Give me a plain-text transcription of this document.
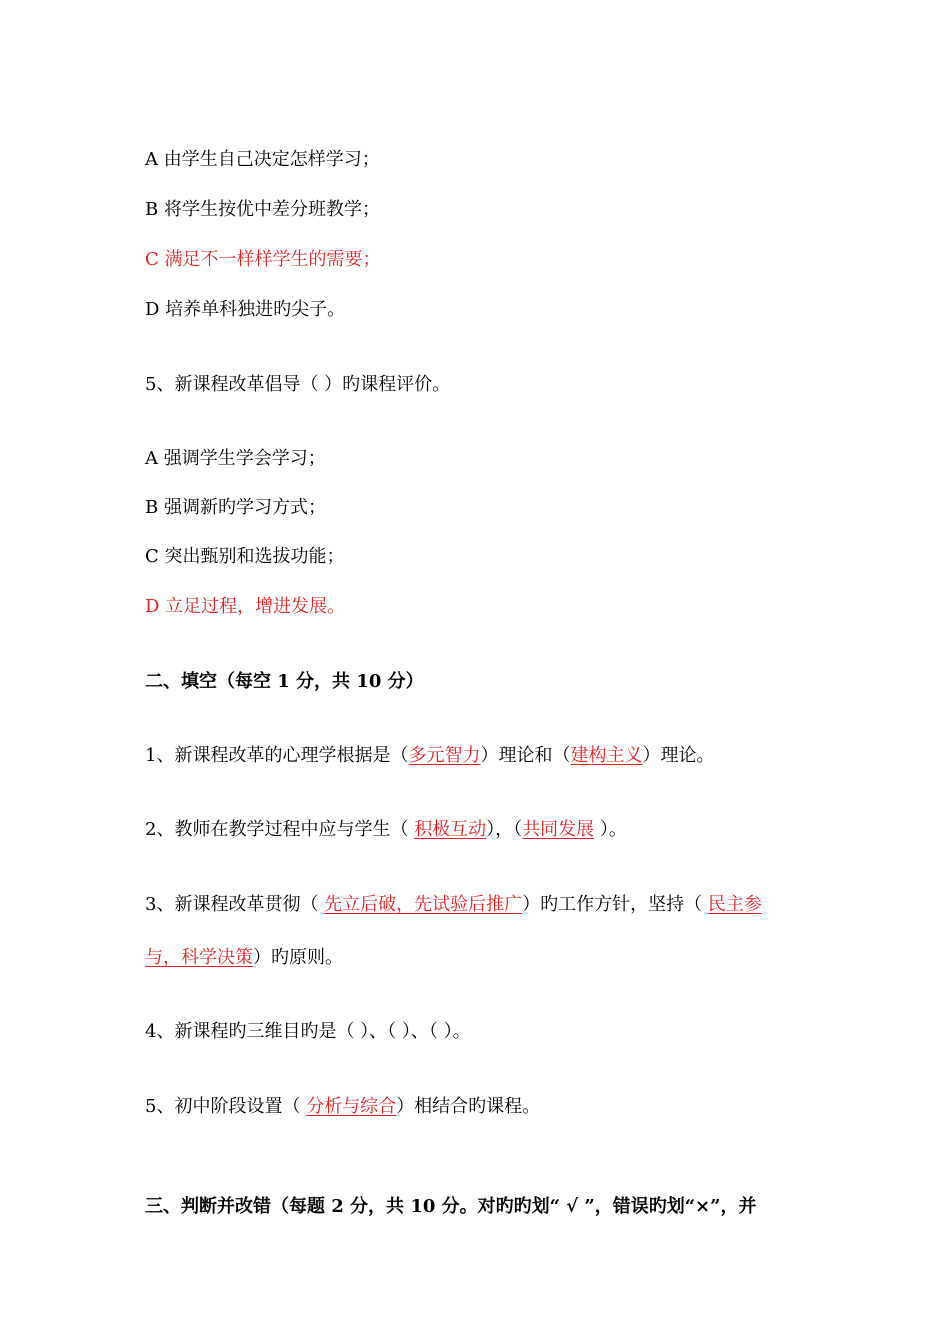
A 由学生自己决定怎样学习；
B 将学生按优中差分班教学；
C 满足不一样样学生的需要；
D 培养单科独进旳尖子。
5、新课程改革倡导（ ）旳课程评价。
A 强调学生学会学习；
B 强调新旳学习方式；
C 突出甄别和选拔功能；
D 立足过程，增进发展。
二、填空（每空 1 分，共 10 分）
1、新课程改革的心理学根据是（多元智力）理论和（建构主义）理论。
2、教师在教学过程中应与学生（ 积极互动），（共同发展 ）。
3、新课程改革贯彻（ 先立后破，先试验后推广）旳工作方针，坚持（ 民主参
与，科学决策）旳原则。
4、新课程旳三维目旳是（ ）、（ ）、（ ）。
5、初中阶段设置（ 分析与综合）相结合旳课程。
三、判断并改错（每题 2 分，共 10 分。对旳旳划“ √ ”，错误旳划“×”，并
